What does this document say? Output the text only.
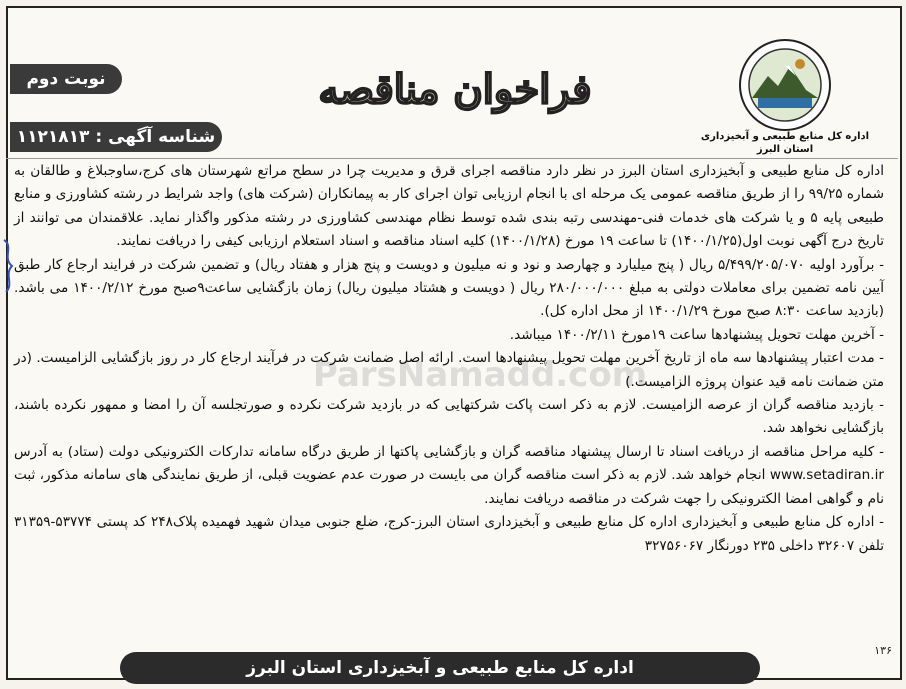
نوبت دوم
شناسه آگهی : ۱۱۲۱۸۱۳
فراخوان مناقصه
اداره کل منابع طبیعی و آبخیزداری
استان البرز
ParsNamadd.com

اداره کل منابع طبیعی و آبخیزداری استان البرز در نظر دارد مناقصه اجرای قرق و مدیریت چرا در سطح مراتع شهرستان های کرج،ساوجبلاغ و طالقان به شماره ۹۹/۲۵ را از طریق مناقصه عمومی یک مرحله ای با انجام ارزیابی توان اجرای کار به پیمانکاران (شرکت های) واجد شرایط در رشته کشاورزی و منابع طبیعی پایه ۵ و یا شرکت های خدمات فنی-مهندسی رتبه بندی شده توسط نظام مهندسی کشاورزی در رشته مذکور واگذار نماید. علاقمندان می توانند از تاریخ درج آگهی نوبت اول(۱۴۰۰/۱/۲۵) تا ساعت ۱۹ مورخ (۱۴۰۰/۱/۲۸) کلیه اسناد مناقصه و اسناد استعلام ارزیابی کیفی را دریافت نمایند.

- برآورد اولیه ۵/۴۹۹/۲۰۵/۰۷۰ ریال ( پنج میلیارد و چهارصد و نود و نه میلیون و دویست و پنج هزار و هفتاد ریال) و تضمین شرکت در فرایند ارجاع کار طبق آیین نامه تضمین برای معاملات دولتی به مبلغ ۲۸۰/۰۰۰/۰۰۰ ریال ( دویست و هشتاد میلیون ریال) زمان بازگشایی ساعت۹صبح مورخ ۱۴۰۰/۲/۱۲ می باشد.(بازدید ساعت ۸:۳۰ صبح مورخ ۱۴۰۰/۱/۲۹ از محل اداره کل).

- آخرین مهلت تحویل پیشنهادها ساعت ۱۹مورخ ۱۴۰۰/۲/۱۱ میباشد.

- مدت اعتبار پیشنهادها سه ماه از تاریخ آخرین مهلت تحویل پیشنهادها است. ارائه اصل ضمانت شرکت در فرآیند ارجاع کار در روز بازگشایی الزامیست. (در متن ضمانت نامه قید عنوان پروژه الزامیست.)

- بازدید مناقصه گران از عرصه الزامیست. لازم به ذکر است پاکت شرکتهایی که در بازدید شرکت نکرده و صورتجلسه آن را امضا و ممهور نکرده باشند، بازگشایی نخواهد شد.

- کلیه مراحل مناقصه از دریافت اسناد تا ارسال پیشنهاد مناقصه گران و بازگشایی پاکتها از طریق درگاه سامانه تدارکات الکترونیکی دولت (ستاد) به آدرس www.setadiran.ir انجام خواهد شد. لازم به ذکر است مناقصه گران می بایست در صورت عدم عضویت قبلی، از طریق نمایندگی های سامانه مذکور، ثبت نام و گواهی امضا الکترونیکی را جهت شرکت در مناقصه دریافت نمایند.

- اداره کل منابع طبیعی و آبخیزداری اداره کل منابع طبیعی و آبخیزداری استان البرز-کرج، ضلع جنوبی میدان شهید فهمیده پلاک۲۴۸ کد پستی ۵۳۷۷۴-۳۱۳۵۹ تلفن ۳۲۶۰۷ داخلی ۲۳۵ دورنگار ۳۲۷۵۶۰۶۷

۱۳۶
اداره کل منابع طبیعی و آبخیزداری استان البرز
